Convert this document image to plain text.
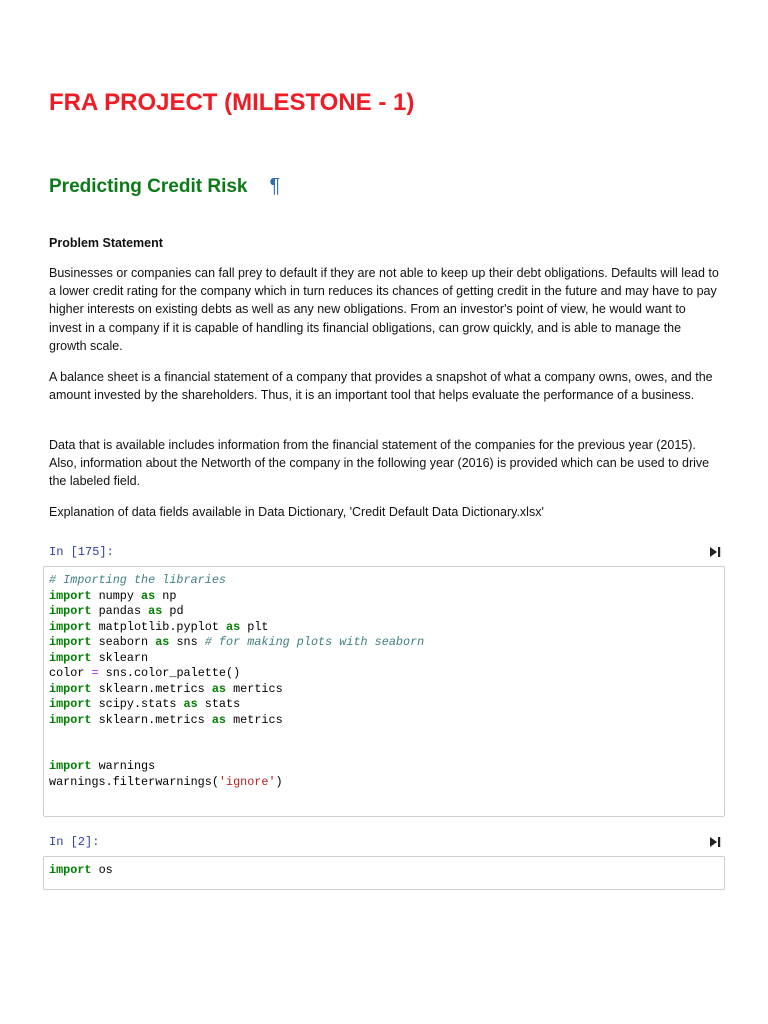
FRA PROJECT (MILESTONE - 1)
Predicting Credit Risk ¶
Problem Statement
Businesses or companies can fall prey to default if they are not able to keep up their debt obligations. Defaults will lead to a lower credit rating for the company which in turn reduces its chances of getting credit in the future and may have to pay higher interests on existing debts as well as any new obligations. From an investor's point of view, he would want to invest in a company if it is capable of handling its financial obligations, can grow quickly, and is able to manage the growth scale.
A balance sheet is a financial statement of a company that provides a snapshot of what a company owns, owes, and the amount invested by the shareholders. Thus, it is an important tool that helps evaluate the performance of a business.
Data that is available includes information from the financial statement of the companies for the previous year (2015). Also, information about the Networth of the company in the following year (2016) is provided which can be used to drive the labeled field.
Explanation of data fields available in Data Dictionary, 'Credit Default Data Dictionary.xlsx'
In [175]:
# Importing the libraries
import numpy as np
import pandas as pd
import matplotlib.pyplot as plt
import seaborn as sns # for making plots with seaborn
import sklearn
color = sns.color_palette()
import sklearn.metrics as mertics
import scipy.stats as stats
import sklearn.metrics as metrics

import warnings
warnings.filterwarnings('ignore')
In [2]:
import os
